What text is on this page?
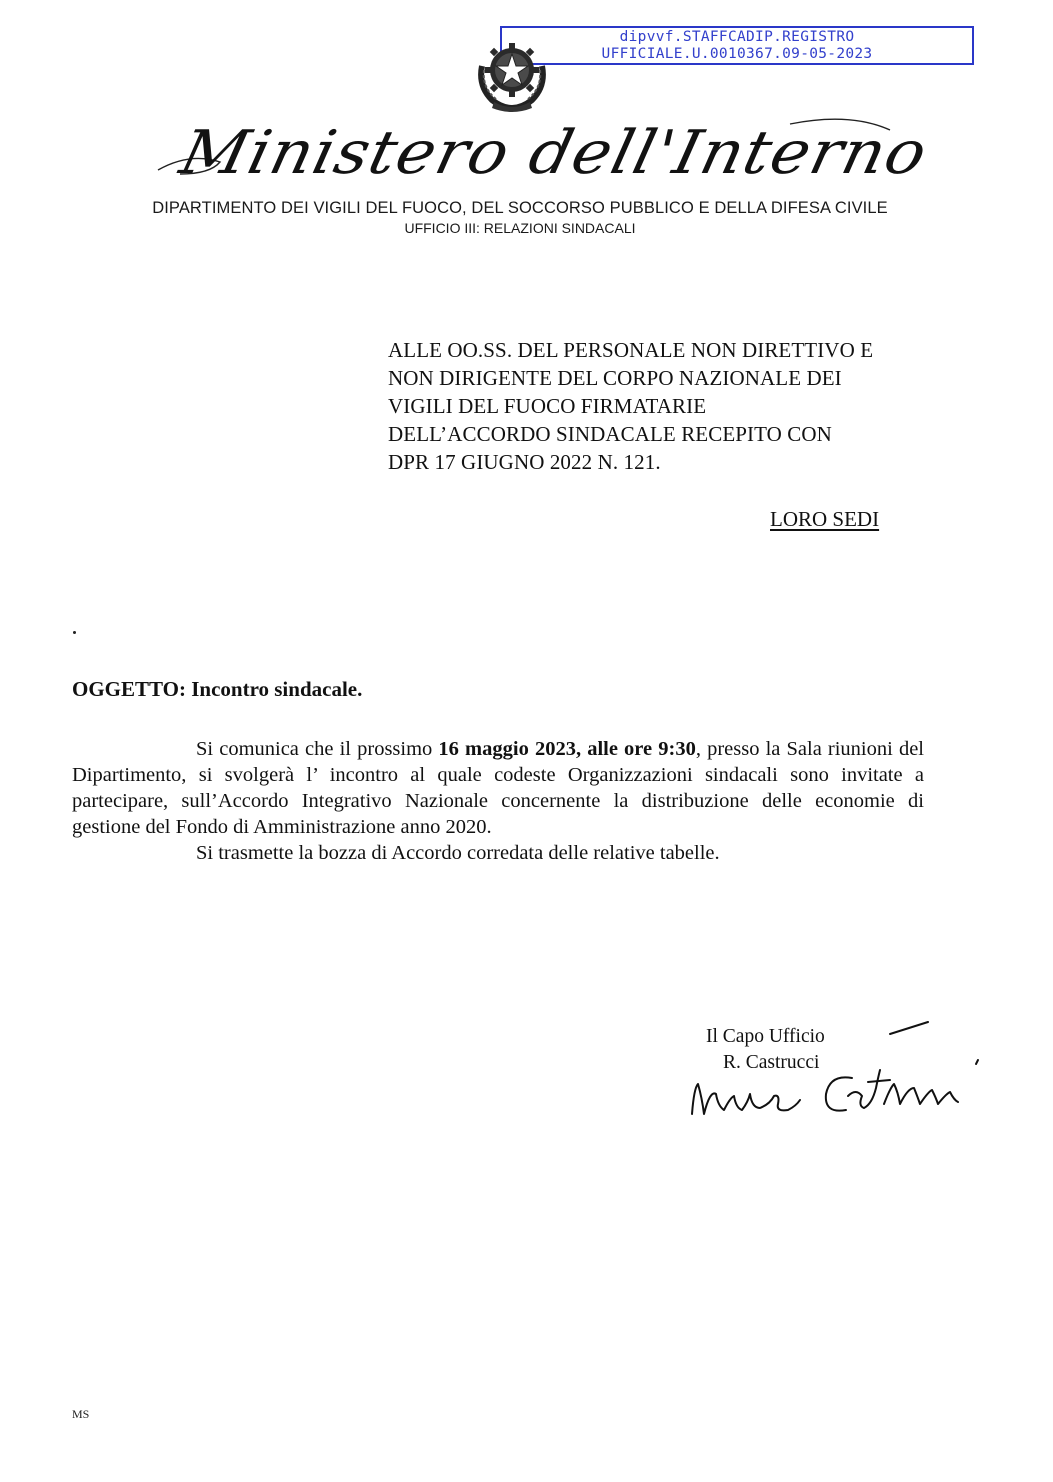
dipvvf.STAFFCADIP.REGISTRO
UFFICIALE.U.0010367.09-05-2023
Ministero dell'Interno
DIPARTIMENTO DEI VIGILI DEL FUOCO, DEL SOCCORSO PUBBLICO E DELLA DIFESA CIVILE
UFFICIO III: RELAZIONI SINDACALI
ALLE OO.SS. DEL PERSONALE NON DIRETTIVO E
NON DIRIGENTE DEL CORPO NAZIONALE DEI
VIGILI DEL FUOCO FIRMATARIE
DELL’ACCORDO SINDACALE RECEPITO CON
DPR 17 GIUGNO 2022 N. 121.
LORO SEDI
OGGETTO: Incontro sindacale.

Si comunica che il prossimo 16 maggio 2023, alle ore 9:30, presso la Sala riunioni del Dipartimento, si svolgerà l’ incontro al quale codeste Organizzazioni sindacali sono invitate a partecipare, sull’Accordo Integrativo Nazionale concernente la distribuzione delle economie di gestione del Fondo di Amministrazione anno 2020.

Si trasmette la bozza di Accordo corredata delle relative tabelle.

Il Capo Ufficio
R. Castrucci
MS
